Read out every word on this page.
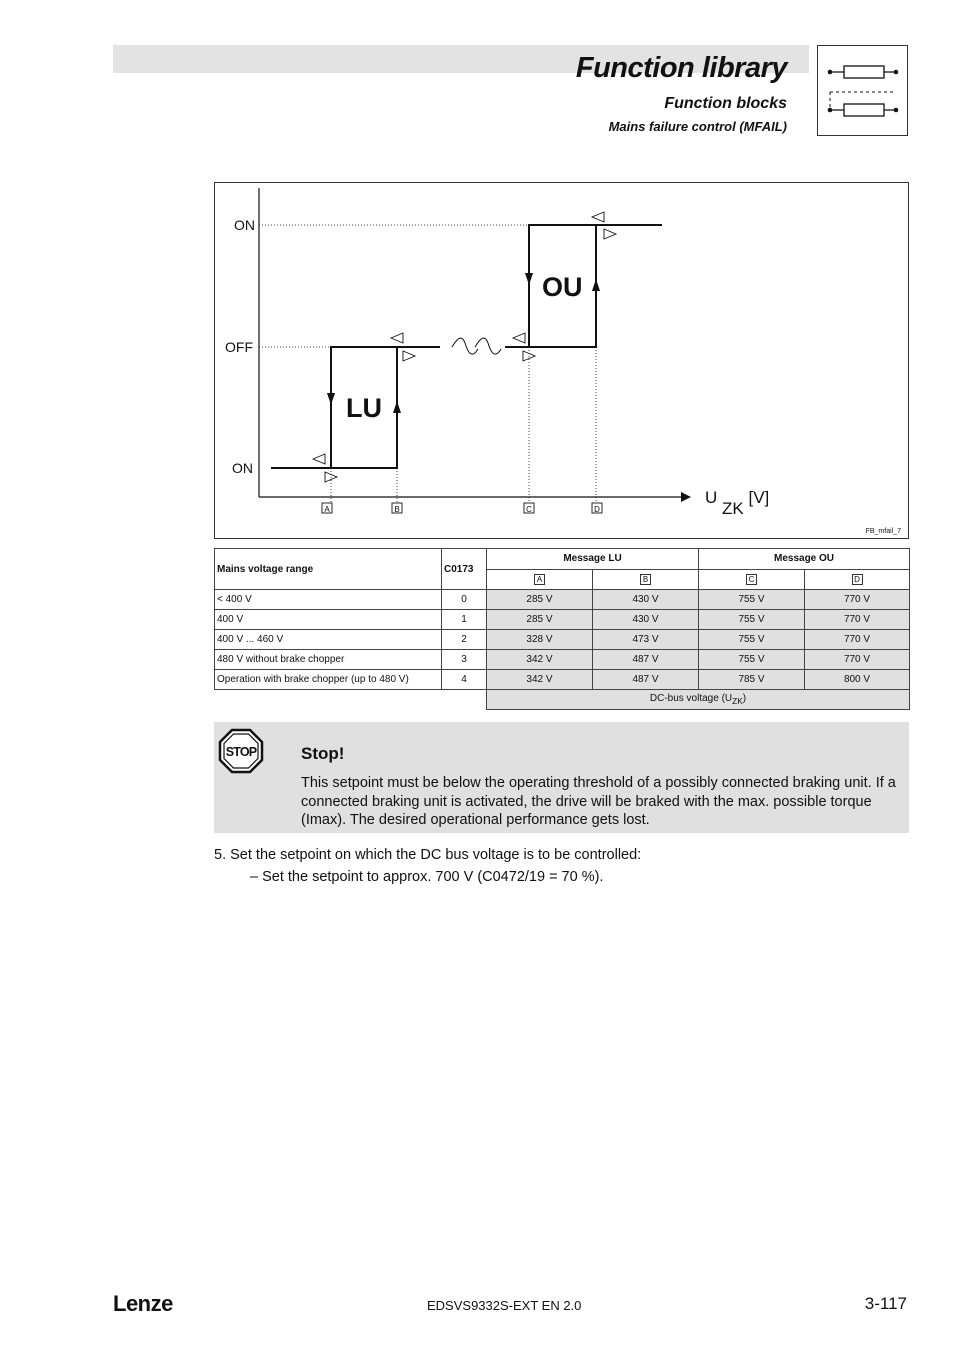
Function library
Function blocks
Mains failure control (MFAIL)
ON
OFF
ON
LU
OU
U ZK [V]
A	B	C	D
FB_mfail_7
Mains voltage range	C0173	Message LU		Message OU	
		A	B	C	D
< 400 V	0	285 V	430 V	755 V	770 V
400 V	1	285 V	430 V	755 V	770 V
400 V ... 460 V	2	328 V	473 V	755 V	770 V
480 V without brake chopper	3	342 V	487 V	755 V	770 V
Operation with brake chopper (up to 480 V)	4	342 V	487 V	785 V	800 V
		DC-bus voltage $(U_{ZK})$			
STOP	Stop!

This setpoint must be below the operating threshold of a possibly connected braking unit. If a connected braking unit is activated, the drive will be braked with the max. possible torque (Imax). The desired operational performance gets lost.

5. Set the setpoint on which the DC bus voltage is to be controlled:
– Set the setpoint to approx. 700 V (C0472/19 = 70 %).

Lenze	EDSVS9332S-EXT EN 2.0	3-117
